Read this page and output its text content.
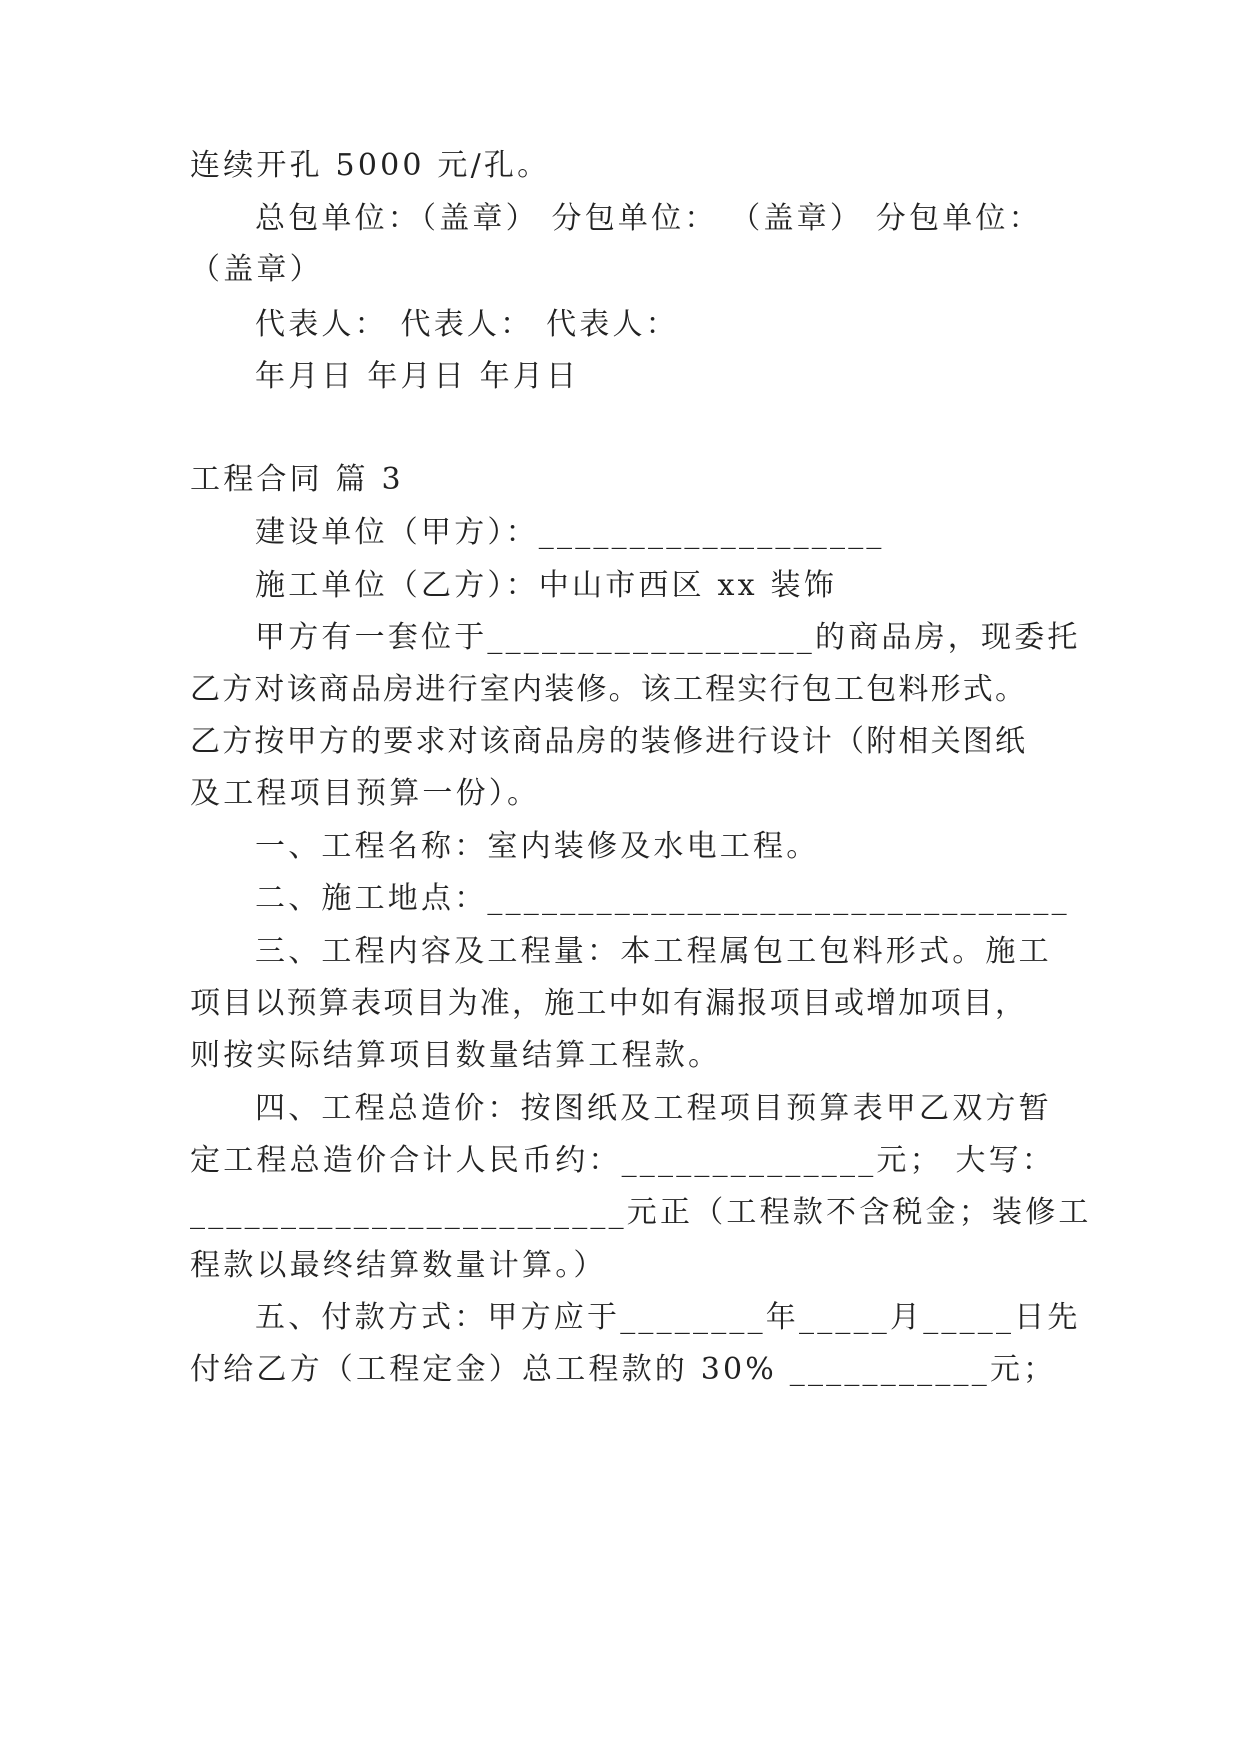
连续开孔 5000 元/孔。
总包单位：（盖章） 分包单位： （盖章） 分包单位：
（盖章）
代表人： 代表人： 代表人：
年月日 年月日 年月日
工程合同 篇 3
建设单位（甲方）：___________________
施工单位（乙方）：中山市西区 xx 装饰
甲方有一套位于__________________的商品房，现委托
乙方对该商品房进行室内装修。该工程实行包工包料形式。
乙方按甲方的要求对该商品房的装修进行设计（附相关图纸
及工程项目预算一份）。
一、工程名称：室内装修及水电工程。
二、施工地点：________________________________
三、工程内容及工程量：本工程属包工包料形式。施工
项目以预算表项目为准，施工中如有漏报项目或增加项目，
则按实际结算项目数量结算工程款。
四、工程总造价：按图纸及工程项目预算表甲乙双方暂
定工程总造价合计人民币约：______________元； 大写：
________________________元正（工程款不含税金；装修工
程款以最终结算数量计算。）
五、付款方式：甲方应于________年_____月_____日先
付给乙方（工程定金）总工程款的 30% ___________元；
